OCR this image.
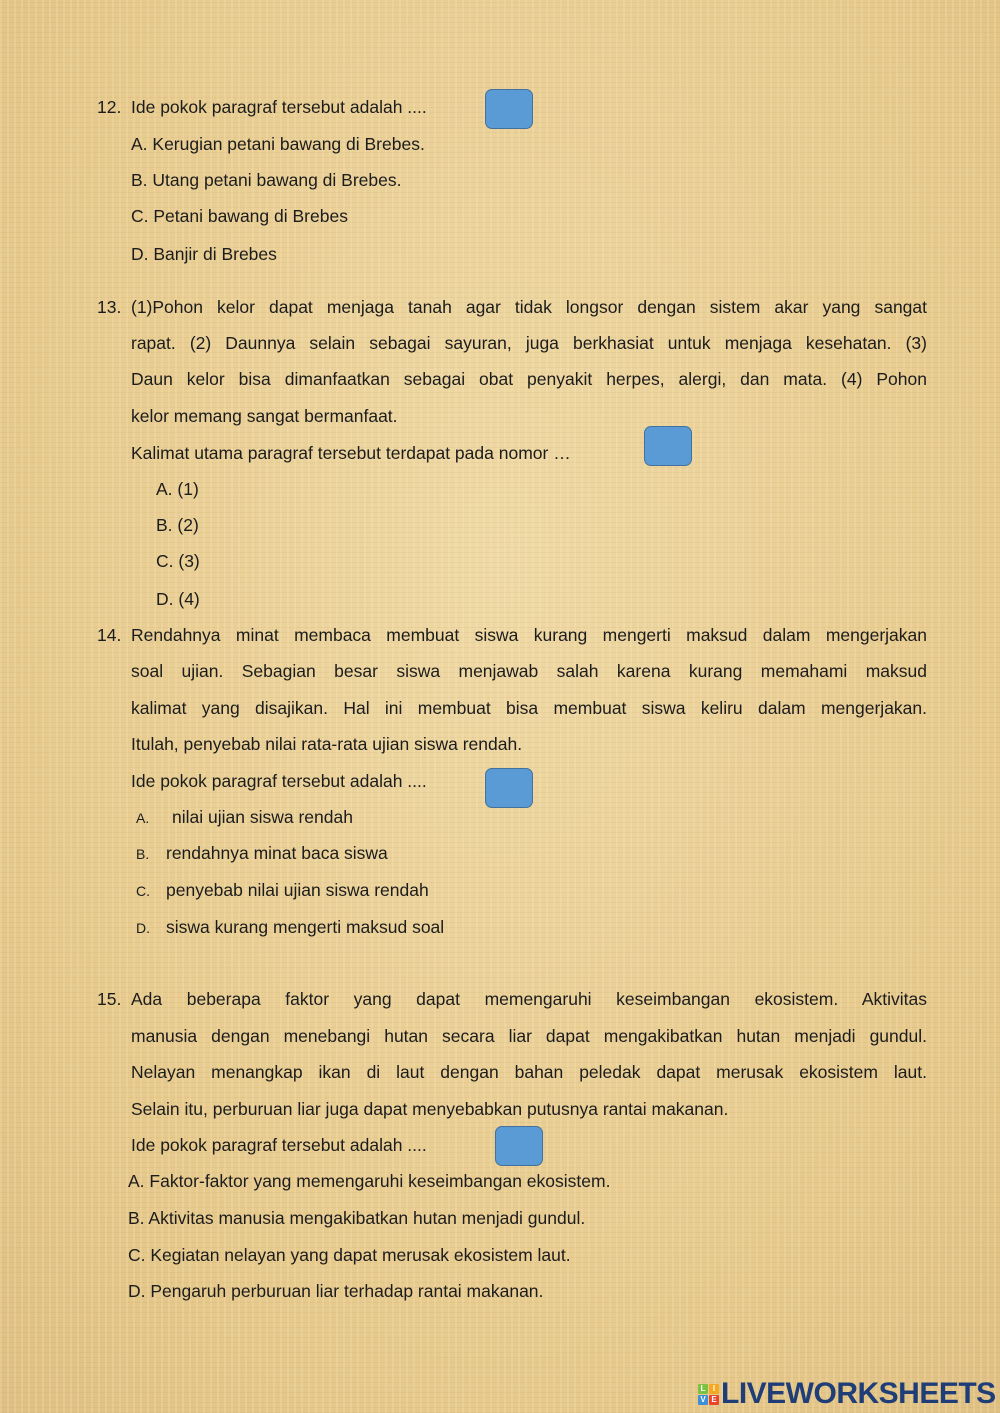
12. Ide pokok paragraf tersebut adalah ....
A. Kerugian petani bawang di Brebes.
B. Utang petani bawang di Brebes.
C. Petani bawang di Brebes
D. Banjir di Brebes
13. (1)Pohon kelor dapat menjaga tanah agar tidak longsor dengan sistem akar yang sangat
rapat. (2) Daunnya selain sebagai sayuran, juga berkhasiat untuk menjaga kesehatan. (3)
Daun kelor bisa dimanfaatkan sebagai obat penyakit herpes, alergi, dan mata. (4) Pohon
kelor memang sangat bermanfaat.
Kalimat utama paragraf tersebut terdapat pada nomor …
A. (1)
B. (2)
C. (3)
D. (4)
14. Rendahnya minat membaca membuat siswa kurang mengerti maksud dalam mengerjakan
soal ujian. Sebagian besar siswa menjawab salah karena kurang memahami maksud
kalimat yang disajikan. Hal ini membuat bisa membuat siswa keliru dalam mengerjakan.
Itulah, penyebab nilai rata-rata ujian siswa rendah.
Ide pokok paragraf tersebut adalah ....
A. nilai ujian siswa rendah
B. rendahnya minat baca siswa
C. penyebab nilai ujian siswa rendah
D. siswa kurang mengerti maksud soal
15. Ada beberapa faktor yang dapat memengaruhi keseimbangan ekosistem. Aktivitas
manusia dengan menebangi hutan secara liar dapat mengakibatkan hutan menjadi gundul.
Nelayan menangkap ikan di laut dengan bahan peledak dapat merusak ekosistem laut.
Selain itu, perburuan liar juga dapat menyebabkan putusnya rantai makanan.
Ide pokok paragraf tersebut adalah ....
A. Faktor-faktor yang memengaruhi keseimbangan ekosistem.
B. Aktivitas manusia mengakibatkan hutan menjadi gundul.
C. Kegiatan nelayan yang dapat merusak ekosistem laut.
D. Pengaruh perburuan liar terhadap rantai makanan.
L I
V E LIVEWORKSHEETS
